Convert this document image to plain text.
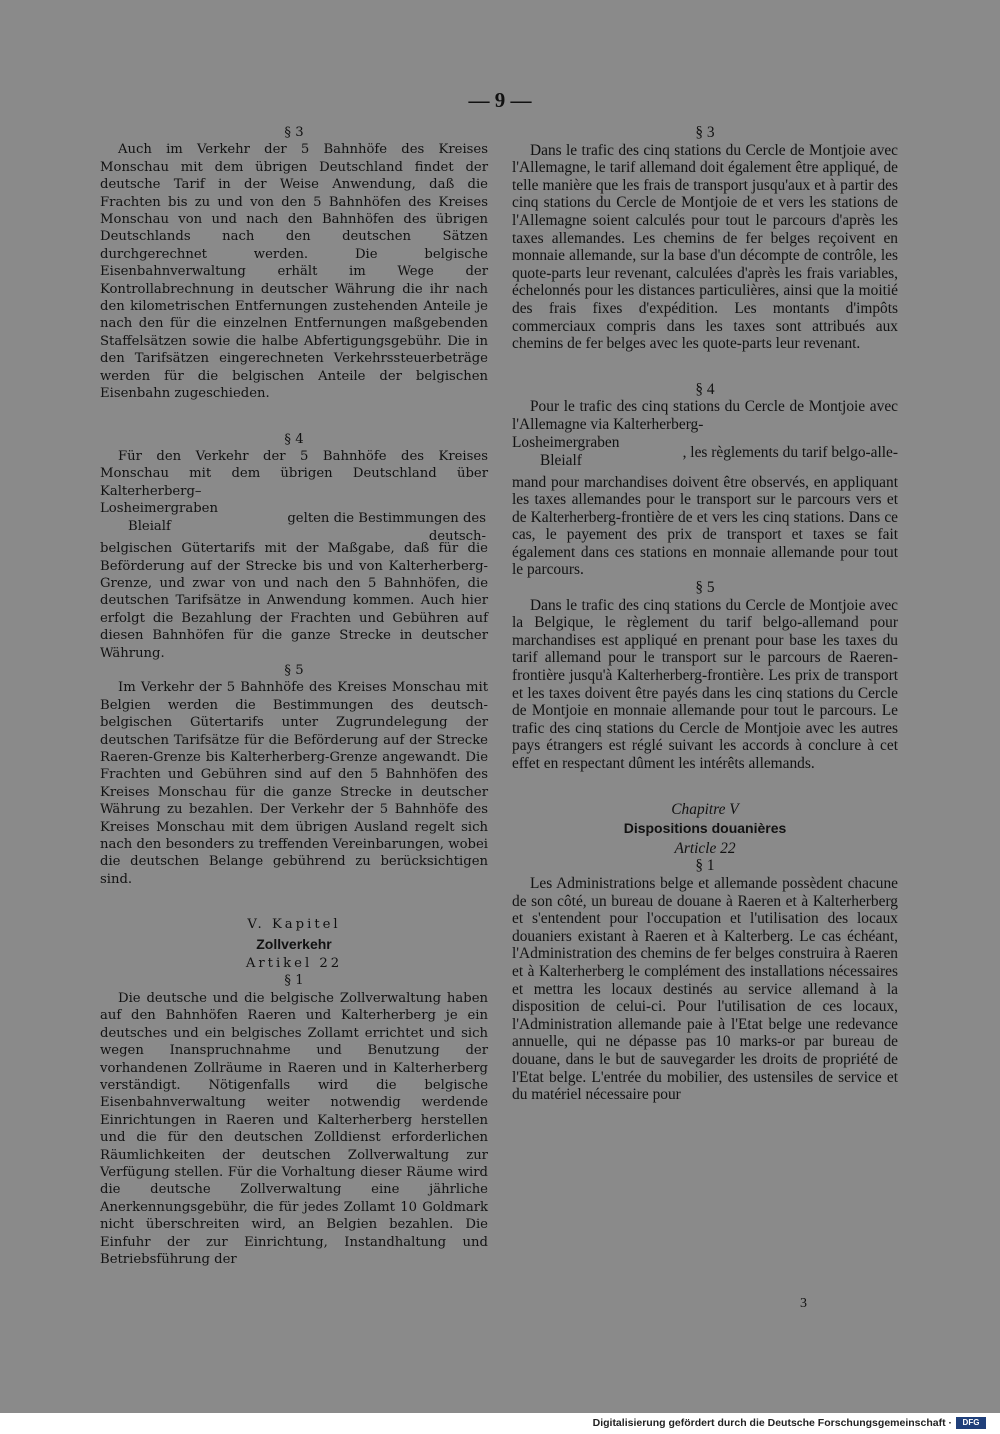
— 9 —

§ 3

Auch im Verkehr der 5 Bahnhöfe des Kreises Monschau mit dem übrigen Deutschland findet der deutsche Tarif in der Weise Anwendung, daß die Frachten bis zu und von den 5 Bahnhöfen des Kreises Monschau von und nach den Bahnhöfen des übrigen Deutschlands nach den deutschen Sätzen durchgerechnet werden. Die belgische Eisenbahnverwaltung erhält im Wege der Kontrollabrechnung in deutscher Währung die ihr nach den kilometrischen Entfernungen zustehenden Anteile je nach den für die einzelnen Entfernungen maßgebenden Staffelsätzen sowie die halbe Abfertigungsgebühr. Die in den Tarifsätzen eingerechneten Verkehrssteuerbeträge werden für die belgischen Anteile der belgischen Eisenbahn zugeschieden.

§ 4

Für den Verkehr der 5 Bahnhöfe des Kreises Monschau mit dem übrigen Deutschland über Kalterherberg–

Losheimergraben
Bleialf
gelten die Bestimmungen des deutsch-

belgischen Gütertarifs mit der Maßgabe, daß für die Beförderung auf der Strecke bis und von Kalterherberg-Grenze, und zwar von und nach den 5 Bahnhöfen, die deutschen Tarifsätze in Anwendung kommen. Auch hier erfolgt die Bezahlung der Frachten und Gebühren auf diesen Bahnhöfen für die ganze Strecke in deutscher Währung.

§ 5

Im Verkehr der 5 Bahnhöfe des Kreises Monschau mit Belgien werden die Bestimmungen des deutsch-belgischen Gütertarifs unter Zugrundelegung der deutschen Tarifsätze für die Beförderung auf der Strecke Raeren-Grenze bis Kalterherberg-Grenze angewandt. Die Frachten und Gebühren sind auf den 5 Bahnhöfen des Kreises Monschau für die ganze Strecke in deutscher Währung zu bezahlen. Der Verkehr der 5 Bahnhöfe des Kreises Monschau mit dem übrigen Ausland regelt sich nach den besonders zu treffenden Vereinbarungen, wobei die deutschen Belange gebührend zu berücksichtigen sind.

V. Kapitel

Zollverkehr

Artikel 22

§ 1

Die deutsche und die belgische Zollverwaltung haben auf den Bahnhöfen Raeren und Kalterherberg je ein deutsches und ein belgisches Zollamt errichtet und sich wegen Inanspruchnahme und Benutzung der vorhandenen Zollräume in Raeren und in Kalterherberg verständigt. Nötigenfalls wird die belgische Eisenbahnverwaltung weiter notwendig werdende Einrichtungen in Raeren und Kalterherberg herstellen und die für den deutschen Zolldienst erforderlichen Räumlichkeiten der deutschen Zollverwaltung zur Verfügung stellen. Für die Vorhaltung dieser Räume wird die deutsche Zollverwaltung eine jährliche Anerkennungsgebühr, die für jedes Zollamt 10 Goldmark nicht überschreiten wird, an Belgien bezahlen. Die Einfuhr der zur Einrichtung, Instandhaltung und Betriebsführung der

§ 3

Dans le trafic des cinq stations du Cercle de Montjoie avec l'Allemagne, le tarif allemand doit également être appliqué, de telle manière que les frais de transport jusqu'aux et à partir des cinq stations du Cercle de Montjoie de et vers les stations de l'Allemagne soient calculés pour tout le parcours d'après les taxes allemandes. Les chemins de fer belges reçoivent en monnaie allemande, sur la base d'un décompte de contrôle, les quote-parts leur revenant, calculées d'après les frais variables, échelonnés pour les distances particulières, ainsi que la moitié des frais fixes d'expédition. Les montants d'impôts commerciaux compris dans les taxes sont attribués aux chemins de fer belges avec les quote-parts leur revenant.

§ 4

Pour le trafic des cinq stations du Cercle de Montjoie avec l'Allemagne via Kalterherberg-

Losheimergraben
Bleialf	, les règlements du tarif belgo-alle-

mand pour marchandises doivent être observés, en appliquant les taxes allemandes pour le transport sur le parcours vers et de Kalterherberg-frontière de et vers les cinq stations. Dans ce cas, le payement des prix de transport et taxes se fait également dans ces stations en monnaie allemande pour tout le parcours.

§ 5

Dans le trafic des cinq stations du Cercle de Montjoie avec la Belgique, le règlement du tarif belgo-allemand pour marchandises est appliqué en prenant pour base les taxes du tarif allemand pour le transport sur le parcours de Raeren-frontière jusqu'à Kalterherberg-frontière. Les prix de transport et les taxes doivent être payés dans les cinq stations du Cercle de Montjoie en monnaie allemande pour tout le parcours. Le trafic des cinq stations du Cercle de Montjoie avec les autres pays étrangers est réglé suivant les accords à conclure à cet effet en respectant dûment les intérêts allemands.

Chapitre V

Dispositions douanières

Article 22

§ 1

Les Administrations belge et allemande possèdent chacune de son côté, un bureau de douane à Raeren et à Kalterherberg et s'entendent pour l'occupation et l'utilisation des locaux douaniers existant à Raeren et à Kalterberg. Le cas échéant, l'Administration des chemins de fer belges construira à Raeren et à Kalterherberg le complément des installations nécessaires et mettra les locaux destinés au service allemand à la disposition de celui-ci. Pour l'utilisation de ces locaux, l'Administration allemande paie à l'Etat belge une redevance annuelle, qui ne dépasse pas 10 marks-or par bureau de douane, dans le but de sauvegarder les droits de propriété de l'Etat belge. L'entrée du mobilier, des ustensiles de service et du matériel nécessaire pour

3
Digitalisierung gefördert durch die Deutsche Forschungsgemeinschaft ·	DFG
